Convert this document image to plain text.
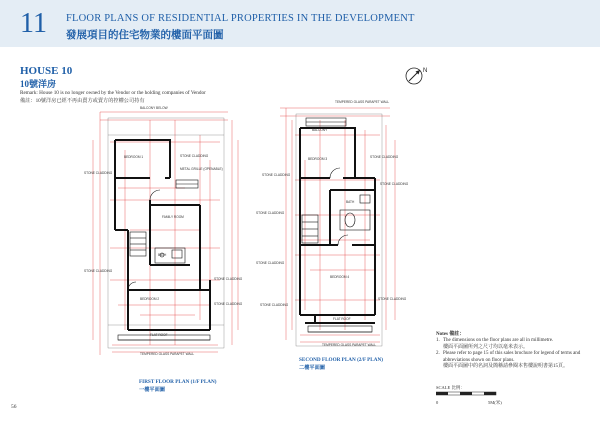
11 FLOOR PLANS OF RESIDENTIAL PROPERTIES IN THE DEVELOPMENT
發展項目的住宅物業的樓面平面圖
HOUSE 10
10號洋房
Remark: House 10 is no longer owned by the Vendor or the holding companies of Vendor
備註：10號洋房已經不再由賣方或賣方的控權公司持有
N
BALCONY BELOW
BEDROOM 1	STONE CLADDING
STONE CLADDING
METAL GRILLE (OPENABLE)
FAMILY ROOM
BATH
STONE CLADDING
STONE CLADDING
STONE CLADDING
BEDROOM 2
FLAT ROOF
TEMPERED GLASS PARAPET WALL
TEMPERED GLASS PARAPET WALL
BALCONY
BEDROOM 3	STONE CLADDING
STONE CLADDING
STONE CLADDING
BATH
STONE CLADDING
STONE CLADDING
BEDROOM 4
STONE CLADDING
STONE CLADDING
FLAT ROOF
TEMPERED GLASS PARAPET WALL
FIRST FLOOR PLAN (1/F PLAN)
一樓平面圖
SECOND FLOOR PLAN (2/F PLAN)
二樓平面圖
Notes 備註：
1. The dimensions on the floor plans are all in millimetre.
樓面平面圖所列之尺寸均以毫米表示。
2. Please refer to page 15 of this sales brochure for legend of terms and abbreviations shown on floor plans.
樓面平面圖中的名詞及簡稱請參閱本售樓說明書第15頁。
SCALE 比例：
0	5M(米)
56
